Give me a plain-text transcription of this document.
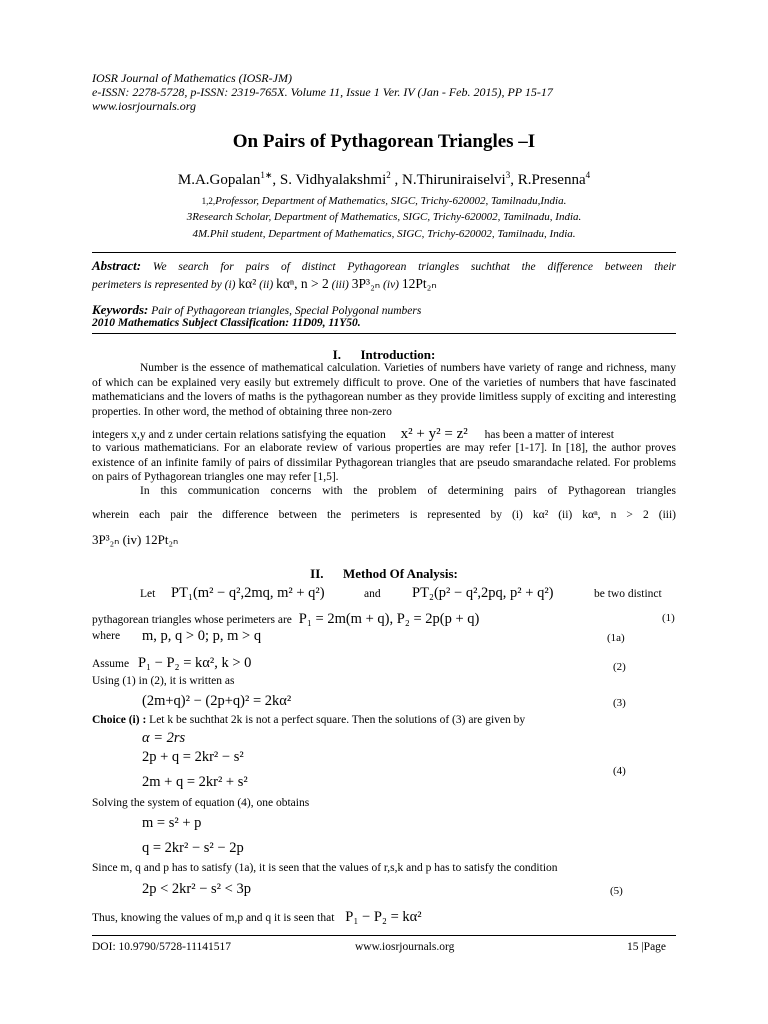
IOSR Journal of Mathematics (IOSR-JM)
e-ISSN: 2278-5728, p-ISSN: 2319-765X. Volume 11, Issue 1 Ver. IV (Jan - Feb. 2015), PP 15-17
www.iosrjournals.org
On Pairs of Pythagorean Triangles –I
M.A.Gopalan$^{1∗}$, S. Vidhyalakshmi$^2$ , N.Thiruniraiselvi$^3$, R.Presenna$^4$
1,2,Professor, Department of Mathematics, SIGC, Trichy-620002, Tamilnadu,India.
3Research Scholar, Department of Mathematics, SIGC, Trichy-620002, Tamilnadu, India.
4M.Phil student, Department of Mathematics, SIGC, Trichy-620002, Tamilnadu, India.
Abstract: We search for pairs of distinct Pythagorean triangles suchthat the difference between their
perimeters is represented by (i) kα² (ii) kαⁿ, n > 2 (iii) 3P³₂ₙ (iv) 12Pt₂ₙ
Keywords: Pair of Pythagorean triangles, Special Polygonal numbers
2010 Mathematics Subject Classification: 11D09, 11Y50.
I. Introduction:
Number is the essence of mathematical calculation. Varieties of numbers have variety of range and richness, many of which can be explained very easily but extremely difficult to prove. One of the varieties of numbers that have fascinated mathematicians and the lovers of maths is the pythagorean number as they provide limitless supply of exciting and interesting properties. In other word, the method of obtaining three non-zero
integers x,y and z under certain relations satisfying the equation x² + y² = z² has been a matter of interest
to various mathematicians. For an elaborate review of various properties are may refer [1-17]. In [18], the author proves existence of an infinite family of pairs of dissimilar Pythagorean triangles that are pseudo smarandache related. For problems on pairs of Pythagorean triangles one may refer [1,5].
In this communication concerns with the problem of determining pairs of Pythagorean triangles
wherein each pair the difference between the perimeters is represented by (i) kα² (ii) kαⁿ, n > 2 (iii)
3P³₂ₙ (iv) 12Pt₂ₙ
II. Method Of Analysis:
Let PT₁(m² − q²,2mq, m² + q²)	and PT₂(p² − q²,2pq, p² + q²)	be two distinct
pythagorean triangles whose perimeters are P₁ = 2m(m + q), P₂ = 2p(p + q)	(1)
where m, p, q > 0; p, m > q	(1a)
Assume P₁ − P₂ = kα², k > 0	(2)
Using (1) in (2), it is written as
(2m+q)² − (2p+q)² = 2kα²	(3)
Choice (i) : Let k be suchthat 2k is not a perfect square. Then the solutions of (3) are given by
α = 2rs
2p + q = 2kr² − s²
2m + q = 2kr² + s²
(4)
Solving the system of equation (4), one obtains
m = s² + p
q = 2kr² − s² − 2p
Since m, q and p has to satisfy (1a), it is seen that the values of r,s,k and p has to satisfy the condition
2p < 2kr² − s² < 3p	(5)
Thus, knowing the values of m,p and q it is seen that P₁ − P₂ = kα²
DOI: 10.9790/5728-11141517	www.iosrjournals.org	15 |Page
